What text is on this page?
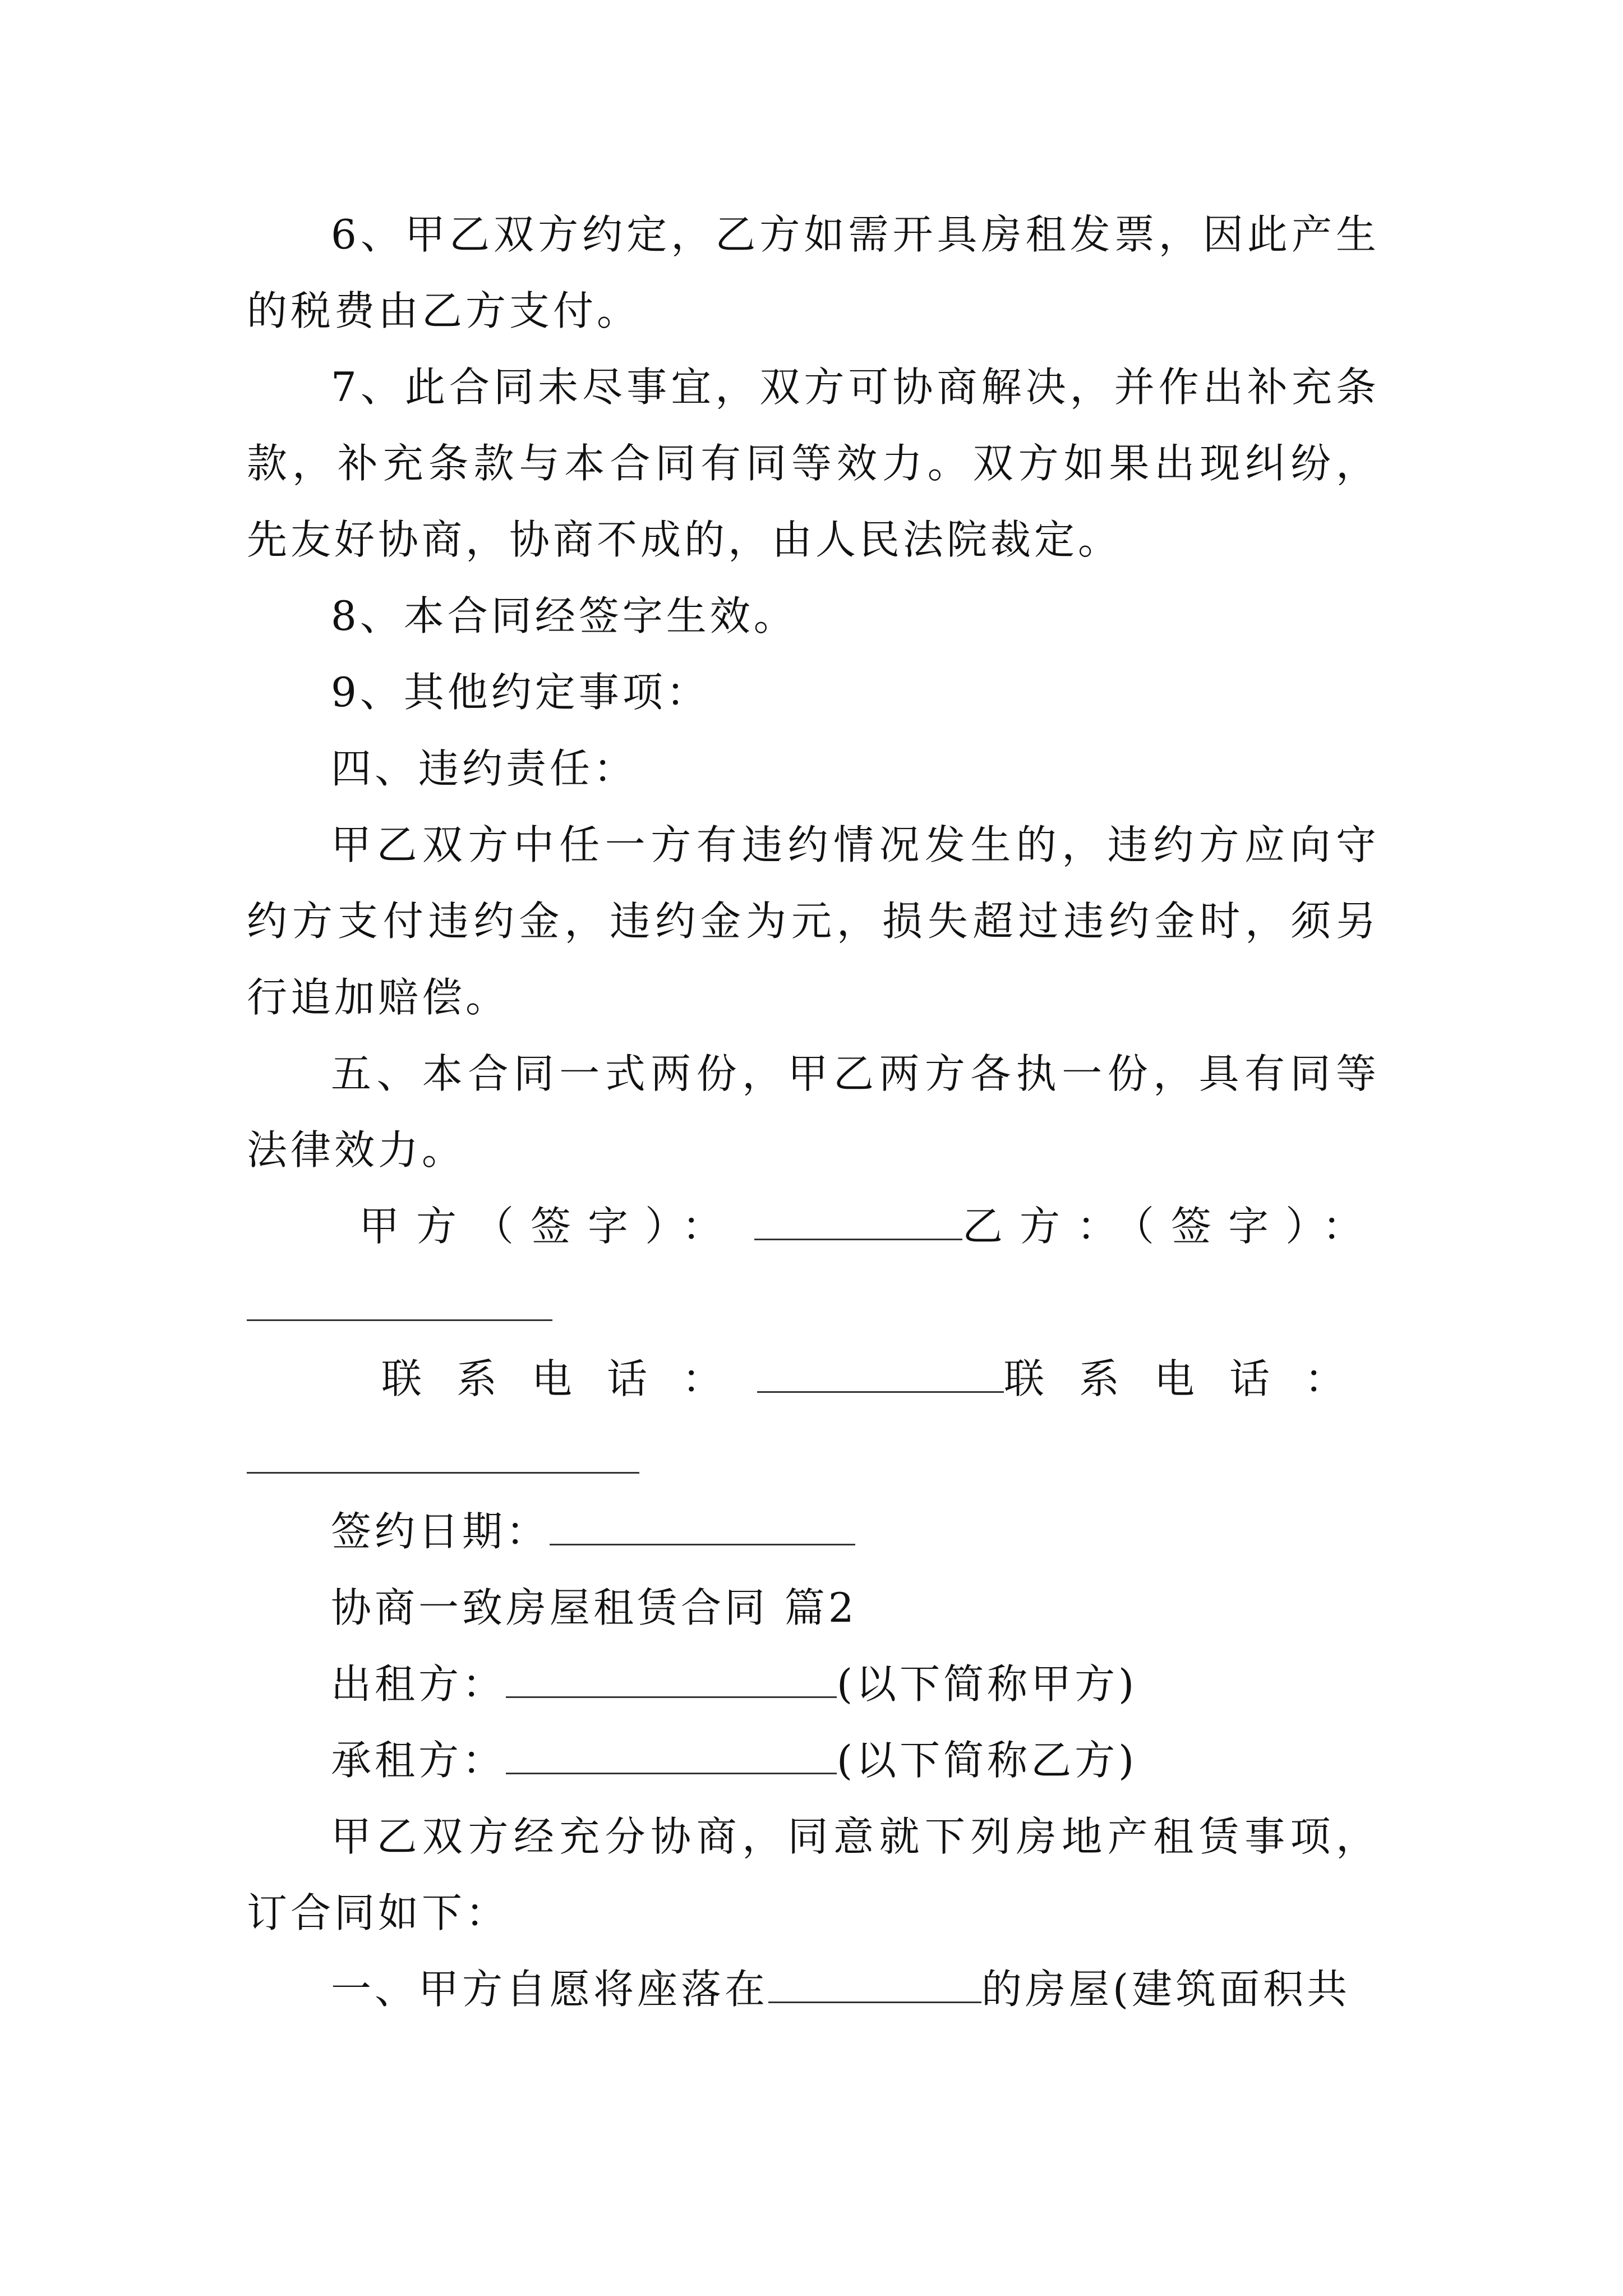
6、甲乙双方约定，乙方如需开具房租发票，因此产生的税费由乙方支付。

7、此合同未尽事宜，双方可协商解决，并作出补充条款，补充条款与本合同有同等效力。双方如果出现纠纷，先友好协商，协商不成的，由人民法院裁定。

8、本合同经签字生效。

9、其他约定事项：

四、违约责任：

甲乙双方中任一方有违约情况发生的，违约方应向守约方支付违约金，违约金为元，损失超过违约金时，须另行追加赔偿。

五、本合同一式两份，甲乙两方各执一份，具有同等法律效力。

甲方（签字）：	乙方：（签字）：
联系电话：	联系电话：

签约日期：

协商一致房屋租赁合同 篇2

出租方：	(以下简称甲方)

承租方：	(以下简称乙方)

甲乙双方经充分协商，同意就下列房地产租赁事项，订合同如下：

一、甲方自愿将座落在	的房屋(建筑面积共
